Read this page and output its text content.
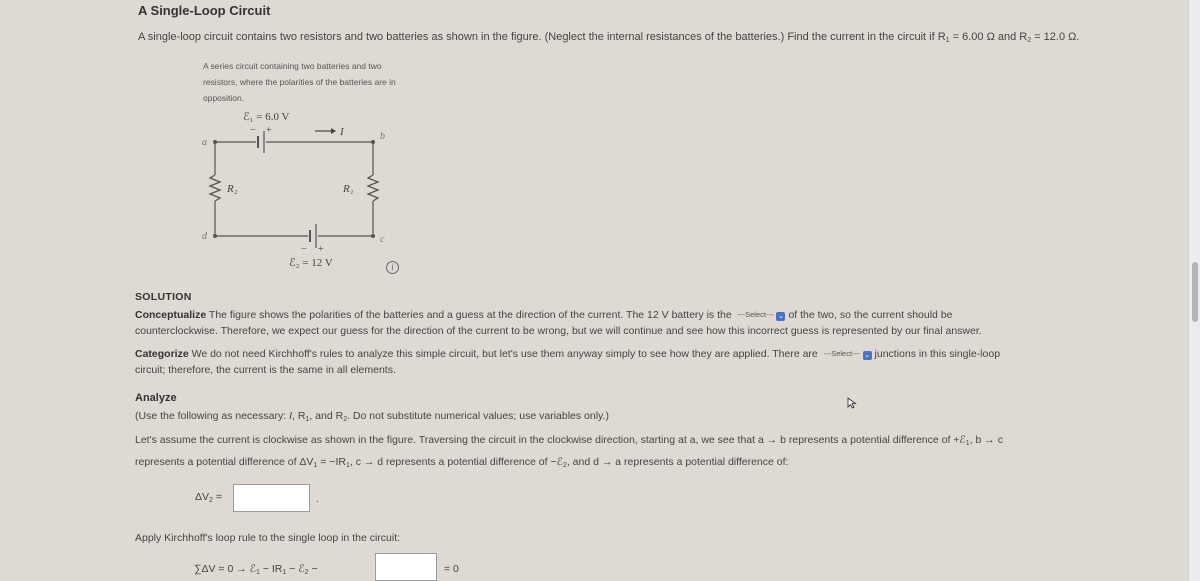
A Single-Loop Circuit
A single-loop circuit contains two resistors and two batteries as shown in the figure. (Neglect the internal resistances of the batteries.) Find the current in the circuit if $R_1 = 6.00$ Ω and $R_2 = 12.0$ Ω.
A series circuit containing two batteries and two resistors, where the polarities of the batteries are in opposition.
ℰ₁ = 6.0 V
− +	I
a
b
c
d
R₂	R₁
− +
ℰ₂ = 12 V	i
SOLUTION
Conceptualize The figure shows the polarities of the batteries and a guess at the direction of the current. The 12 V battery is the ---Select--- ⌄ of the two, so the current should be
counterclockwise. Therefore, we expect our guess for the direction of the current to be wrong, but we will continue and see how this incorrect guess is represented by our final answer.
Categorize We do not need Kirchhoff's rules to analyze this simple circuit, but let's use them anyway simply to see how they are applied. There are ---Select--- ⌄ junctions in this single-loop
circuit; therefore, the current is the same in all elements.
Analyze
(Use the following as necessary: I, $R_1$, and $R_2$. Do not substitute numerical values; use variables only.)
Let's assume the current is clockwise as shown in the figure. Traversing the circuit in the clockwise direction, starting at a, we see that a → b represents a potential difference of +ℰ$_1$, b → c
represents a potential difference of $\Delta V_1 = -IR_1$, c → d represents a potential difference of −ℰ$_2$, and d → a represents a potential difference of:
$\Delta V_2$ =	.
Apply Kirchhoff's loop rule to the single loop in the circuit:
∑ΔV = 0 → ℰ$_1$ − $IR_1$ − ℰ$_2$ −	= 0
